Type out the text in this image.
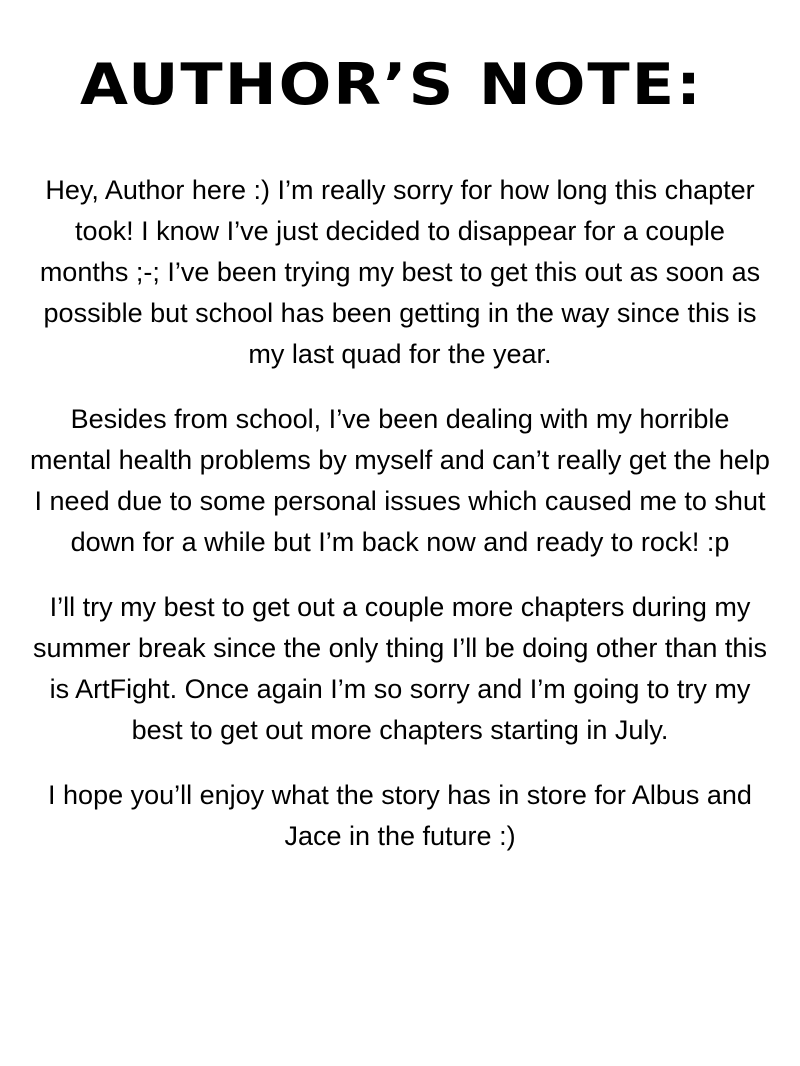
AUTHOR’S NOTE:

Hey, Author here :) I’m really sorry for how long this chapter took! I know I’ve just decided to disappear for a couple months ;-; I’ve been trying my best to get this out as soon as possible but school has been getting in the way since this is my last quad for the year.

Besides from school, I’ve been dealing with my horrible mental health problems by myself and can’t really get the help I need due to some personal issues which caused me to shut down for a while but I’m back now and ready to rock! :p

I’ll try my best to get out a couple more chapters during my summer break since the only thing I’ll be doing other than this is ArtFight. Once again I’m so sorry and I’m going to try my best to get out more chapters starting in July.

I hope you’ll enjoy what the story has in store for Albus and Jace in the future :)
